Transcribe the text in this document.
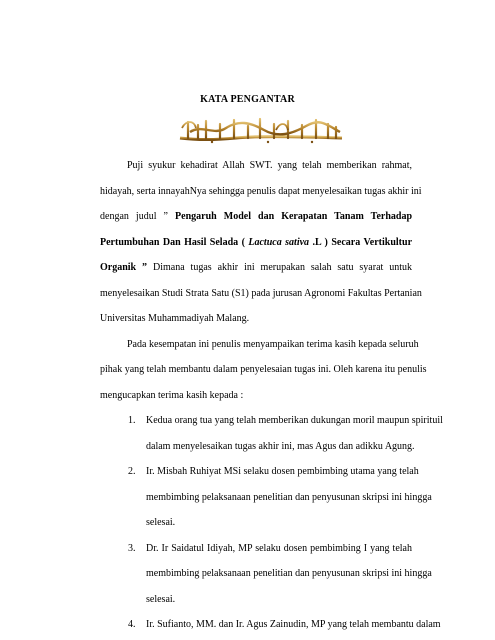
KATA PENGANTAR
بسم الله الرحمن الرحيم
Puji syukur kehadirat Allah SWT. yang telah memberikan rahmat,
hidayah, serta innayahNya sehingga penulis dapat menyelesaikan tugas akhir ini
dengan judul ” Pengaruh Model dan Kerapatan Tanam Terhadap
Pertumbuhan Dan Hasil Selada ( Lactuca sativa .L ) Secara Vertikultur
Organik ” Dimana tugas akhir ini merupakan salah satu syarat untuk
menyelesaikan Studi Strata Satu (S1) pada jurusan Agronomi Fakultas Pertanian
Universitas Muhammadiyah Malang.
Pada kesempatan ini penulis menyampaikan terima kasih kepada seluruh
pihak yang telah membantu dalam penyelesaian tugas ini. Oleh karena itu penulis
mengucapkan terima kasih kepada :
1. Kedua orang tua yang telah memberikan dukungan moril maupun spirituil
dalam menyelesaikan tugas akhir ini, mas Agus dan adikku Agung.
2. Ir. Misbah Ruhiyat MSi selaku dosen pembimbing utama yang telah
membimbing pelaksanaan penelitian dan penyusunan skripsi ini hingga
selesai.
3. Dr. Ir Saidatul Idiyah, MP selaku dosen pembimbing I yang telah
membimbing pelaksanaan penelitian dan penyusunan skripsi ini hingga
selesai.
4. Ir. Sufianto, MM. dan Ir. Agus Zainudin, MP yang telah membantu dalam
